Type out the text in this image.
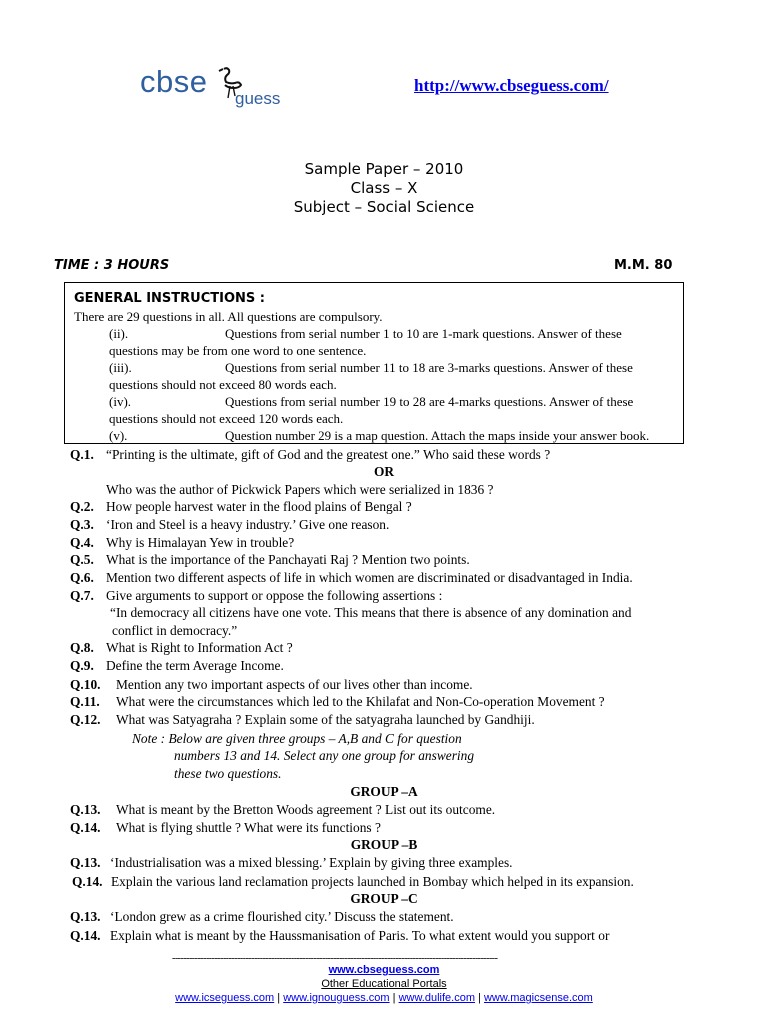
cbse guess
http://www.cbseguess.com/
Sample Paper – 2010
Class – X
Subject – Social Science
TIME : 3 HOURS	M.M. 80
GENERAL INSTRUCTIONS :
There are 29 questions in all. All questions are compulsory.
(ii).	Questions from serial number 1 to 10 are 1-mark questions. Answer of these
questions may be from one word to one sentence.
(iii).	Questions from serial number 11 to 18 are 3-marks questions. Answer of these
questions should not exceed 80 words each.
(iv).	Questions from serial number 19 to 28 are 4-marks questions. Answer of these
questions should not exceed 120 words each.
(v).	Question number 29 is a map question. Attach the maps inside your answer book.
Q.1. “Printing is the ultimate, gift of God and the greatest one.” Who said these words ?
OR
Who was the author of Pickwick Papers which were serialized in 1836 ?
Q.2. How people harvest water in the flood plains of Bengal ?
Q.3. ‘Iron and Steel is a heavy industry.’ Give one reason.
Q.4. Why is Himalayan Yew in trouble?
Q.5. What is the importance of the Panchayati Raj ? Mention two points.
Q.6. Mention two different aspects of life in which women are discriminated or disadvantaged in India.
Q.7. Give arguments to support or oppose the following assertions :
“In democracy all citizens have one vote. This means that there is absence of any domination and
conflict in democracy.”
Q.8. What is Right to Information Act ?
Q.9. Define the term Average Income.
Q.10. Mention any two important aspects of our lives other than income.
Q.11. What were the circumstances which led to the Khilafat and Non-Co-operation Movement ?
Q.12. What was Satyagraha ? Explain some of the satyagraha launched by Gandhiji.
Note : Below are given three groups – A,B and C for question
numbers 13 and 14. Select any one group for answering
these two questions.
GROUP –A
Q.13. What is meant by the Bretton Woods agreement ? List out its outcome.
Q.14. What is flying shuttle ? What were its functions ?
GROUP –B
Q.13. ‘Industrialisation was a mixed blessing.’ Explain by giving three examples.
Q.14. Explain the various land reclamation projects launched in Bombay which helped in its expansion.
GROUP –C
Q.13. ‘London grew as a crime flourished city.’ Discuss the statement.
Q.14. Explain what is meant by the Haussmanisation of Paris. To what extent would you support or
-------------------------------------------------------------------------------------------------------------------
www.cbseguess.com
Other Educational Portals
www.icseguess.com | www.ignouguess.com | www.dulife.com | www.magicsense.com
